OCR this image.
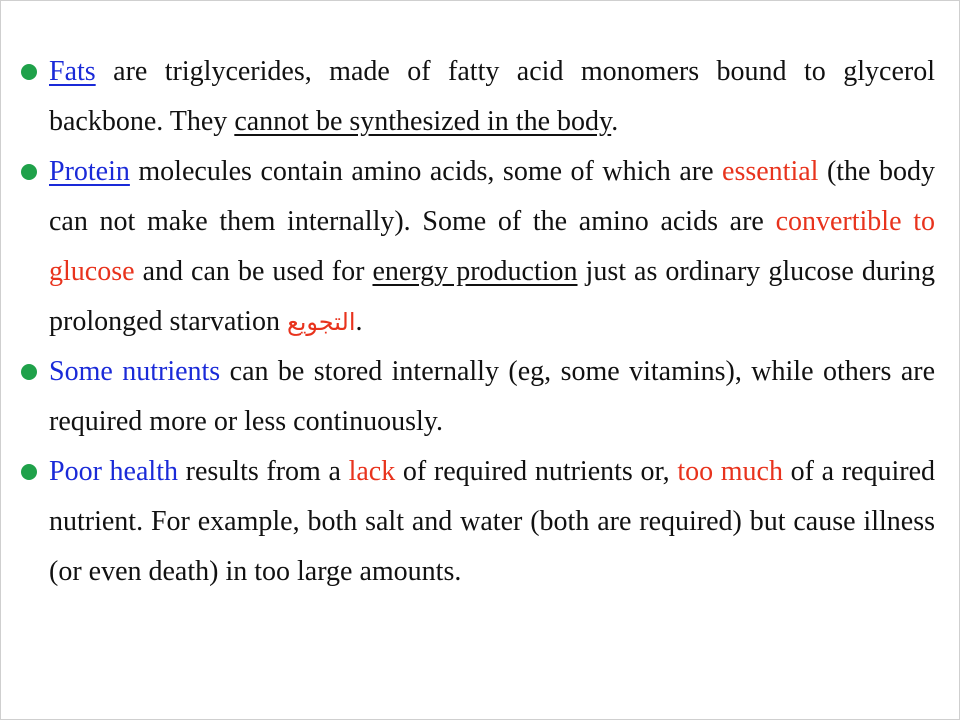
Fats are triglycerides, made of fatty acid monomers bound to glycerol backbone. They cannot be synthesized in the body.
Protein molecules contain amino acids, some of which are essential (the body can not make them internally). Some of the amino acids are convertible to glucose and can be used for energy production just as ordinary glucose during prolonged starvation التجويع.
Some nutrients can be stored internally (eg, some vitamins), while others are required more or less continuously.
Poor health results from a lack of required nutrients or, too much of a required nutrient. For example, both salt and water (both are required) but cause illness (or even death) in too large amounts.
